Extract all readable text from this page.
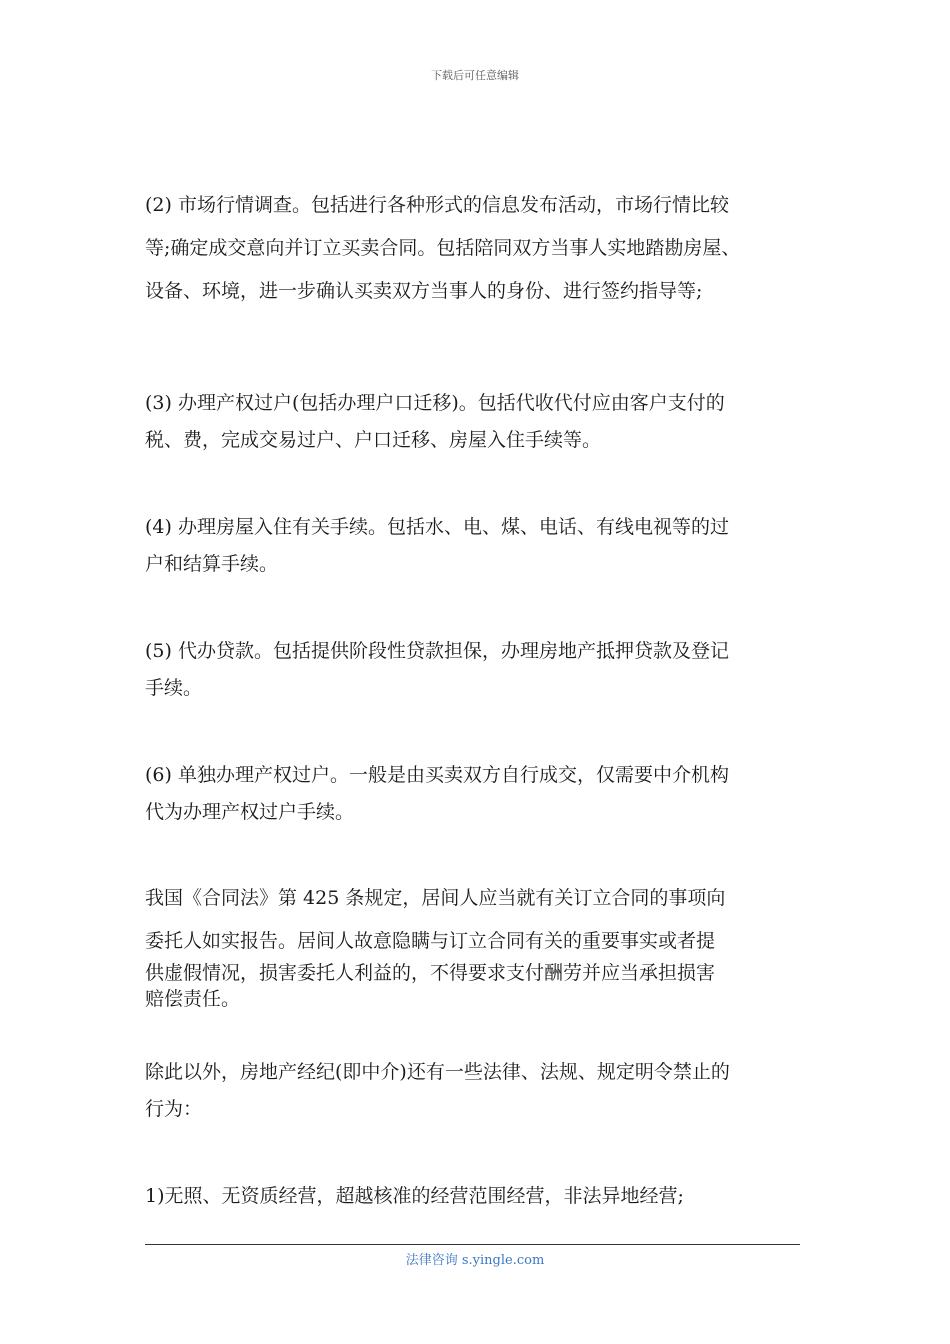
下载后可任意编辑

(2) 市场行情调查。包括进行各种形式的信息发布活动，市场行情比较
等;确定成交意向并订立买卖合同。包括陪同双方当事人实地踏勘房屋、
设备、环境，进一步确认买卖双方当事人的身份、进行签约指导等;

(3) 办理产权过户(包括办理户口迁移)。包括代收代付应由客户支付的
税、费，完成交易过户、户口迁移、房屋入住手续等。

(4) 办理房屋入住有关手续。包括水、电、煤、电话、有线电视等的过
户和结算手续。

(5) 代办贷款。包括提供阶段性贷款担保，办理房地产抵押贷款及登记
手续。

(6) 单独办理产权过户。一般是由买卖双方自行成交，仅需要中介机构
代为办理产权过户手续。

我国《合同法》第 425 条规定，居间人应当就有关订立合同的事项向
委托人如实报告。居间人故意隐瞒与订立合同有关的重要事实或者提
供虚假情况，损害委托人利益的，不得要求支付酬劳并应当承担损害
赔偿责任。

除此以外，房地产经纪(即中介)还有一些法律、法规、规定明令禁止的
行为：

1)无照、无资质经营，超越核准的经营范围经营，非法异地经营;

法律咨询 s.yingle.com
